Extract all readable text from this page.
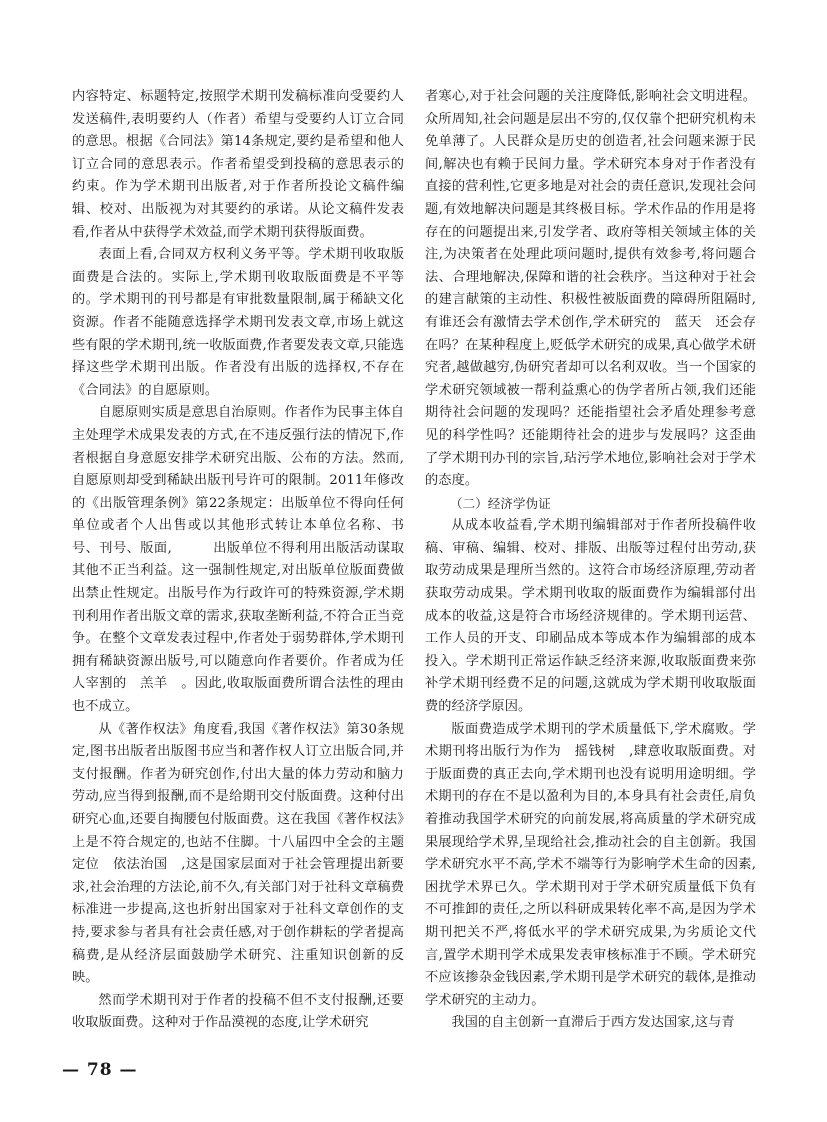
内容特定、标题特定,按照学术期刊发稿标准向受要约人发送稿件,表明要约人（作者）希望与受要约人订立合同的意思。根据《合同法》第14条规定,要约是希望和他人订立合同的意思表示。作者希望受到投稿的意思表示的约束。作为学术期刊出版者,对于作者所投论文稿件编辑、校对、出版视为对其要约的承诺。从论文稿件发表看,作者从中获得学术效益,而学术期刊获得版面费。

表面上看,合同双方权利义务平等。学术期刊收取版面费是合法的。实际上,学术期刊收取版面费是不平等的。学术期刊的刊号都是有审批数量限制,属于稀缺文化资源。作者不能随意选择学术期刊发表文章,市场上就这些有限的学术期刊,统一收版面费,作者要发表文章,只能选择这些学术期刊出版。作者没有出版的选择权,不存在《合同法》的自愿原则。

自愿原则实质是意思自治原则。作者作为民事主体自主处理学术成果发表的方式,在不违反强行法的情况下,作者根据自身意愿安排学术研究出版、公布的方法。然而,自愿原则却受到稀缺出版刊号许可的限制。2011年修改的《出版管理条例》第22条规定：出版单位不得向任何单位或者个人出售或以其他形式转让本单位名称、书号、刊号、版面,　　　出版单位不得利用出版活动谋取其他不正当利益。这一强制性规定,对出版单位版面费做出禁止性规定。出版号作为行政许可的特殊资源,学术期刊利用作者出版文章的需求,获取垄断利益,不符合正当竞争。在整个文章发表过程中,作者处于弱势群体,学术期刊拥有稀缺资源出版号,可以随意向作者要价。作者成为任人宰割的　羔羊　。因此,收取版面费所谓合法性的理由也不成立。

从《著作权法》角度看,我国《著作权法》第30条规定,图书出版者出版图书应当和著作权人订立出版合同,并支付报酬。作者为研究创作,付出大量的体力劳动和脑力劳动,应当得到报酬,而不是给期刊交付版面费。这种付出研究心血,还要自掏腰包付版面费。这在我国《著作权法》上是不符合规定的,也站不住脚。十八届四中全会的主题定位　依法治国　,这是国家层面对于社会管理提出新要求,社会治理的方法论,前不久,有关部门对于社科文章稿费标准进一步提高,这也折射出国家对于社科文章创作的支持,要求参与者具有社会责任感,对于创作耕耘的学者提高稿费,是从经济层面鼓励学术研究、注重知识创新的反映。

然而学术期刊对于作者的投稿不但不支付报酬,还要收取版面费。这种对于作品漠视的态度,让学术研究

者寒心,对于社会问题的关注度降低,影响社会文明进程。众所周知,社会问题是层出不穷的,仅仅靠个把研究机构未免单薄了。人民群众是历史的创造者,社会问题来源于民间,解决也有赖于民间力量。学术研究本身对于作者没有直接的营利性,它更多地是对社会的责任意识,发现社会问题,有效地解决问题是其终极目标。学术作品的作用是将存在的问题提出来,引发学者、政府等相关领域主体的关注,为决策者在处理此项问题时,提供有效参考,将问题合法、合理地解决,保障和谐的社会秩序。当这种对于社会的建言献策的主动性、积极性被版面费的障碍所阻隔时,有谁还会有激情去学术创作,学术研究的　蓝天　还会存在吗？在某种程度上,贬低学术研究的成果,真心做学术研究者,越做越穷,伪研究者却可以名利双收。当一个国家的学术研究领域被一帮利益熏心的伪学者所占领,我们还能期待社会问题的发现吗？还能指望社会矛盾处理参考意见的科学性吗？还能期待社会的进步与发展吗？这歪曲了学术期刊办刊的宗旨,玷污学术地位,影响社会对于学术的态度。

（二）经济学伪证

从成本收益看,学术期刊编辑部对于作者所投稿件收稿、审稿、编辑、校对、排版、出版等过程付出劳动,获取劳动成果是理所当然的。这符合市场经济原理,劳动者获取劳动成果。学术期刊收取的版面费作为编辑部付出成本的收益,这是符合市场经济规律的。学术期刊运营、工作人员的开支、印刷品成本等成本作为编辑部的成本投入。学术期刊正常运作缺乏经济来源,收取版面费来弥补学术期刊经费不足的问题,这就成为学术期刊收取版面费的经济学原因。

版面费造成学术期刊的学术质量低下,学术腐败。学术期刊将出版行为作为　摇钱树　,肆意收取版面费。对于版面费的真正去向,学术期刊也没有说明用途明细。学术期刊的存在不是以盈利为目的,本身具有社会责任,肩负着推动我国学术研究的向前发展,将高质量的学术研究成果展现给学术界,呈现给社会,推动社会的自主创新。我国学术研究水平不高,学术不端等行为影响学术生命的因素,困扰学术界已久。学术期刊对于学术研究质量低下负有不可推卸的责任,之所以科研成果转化率不高,是因为学术期刊把关不严,将低水平的学术研究成果,为劣质论文代言,置学术期刊学术成果发表审核标准于不顾。学术研究不应该掺杂金钱因素,学术期刊是学术研究的载体,是推动学术研究的主动力。

我国的自主创新一直滞后于西方发达国家,这与青

— 78 —
